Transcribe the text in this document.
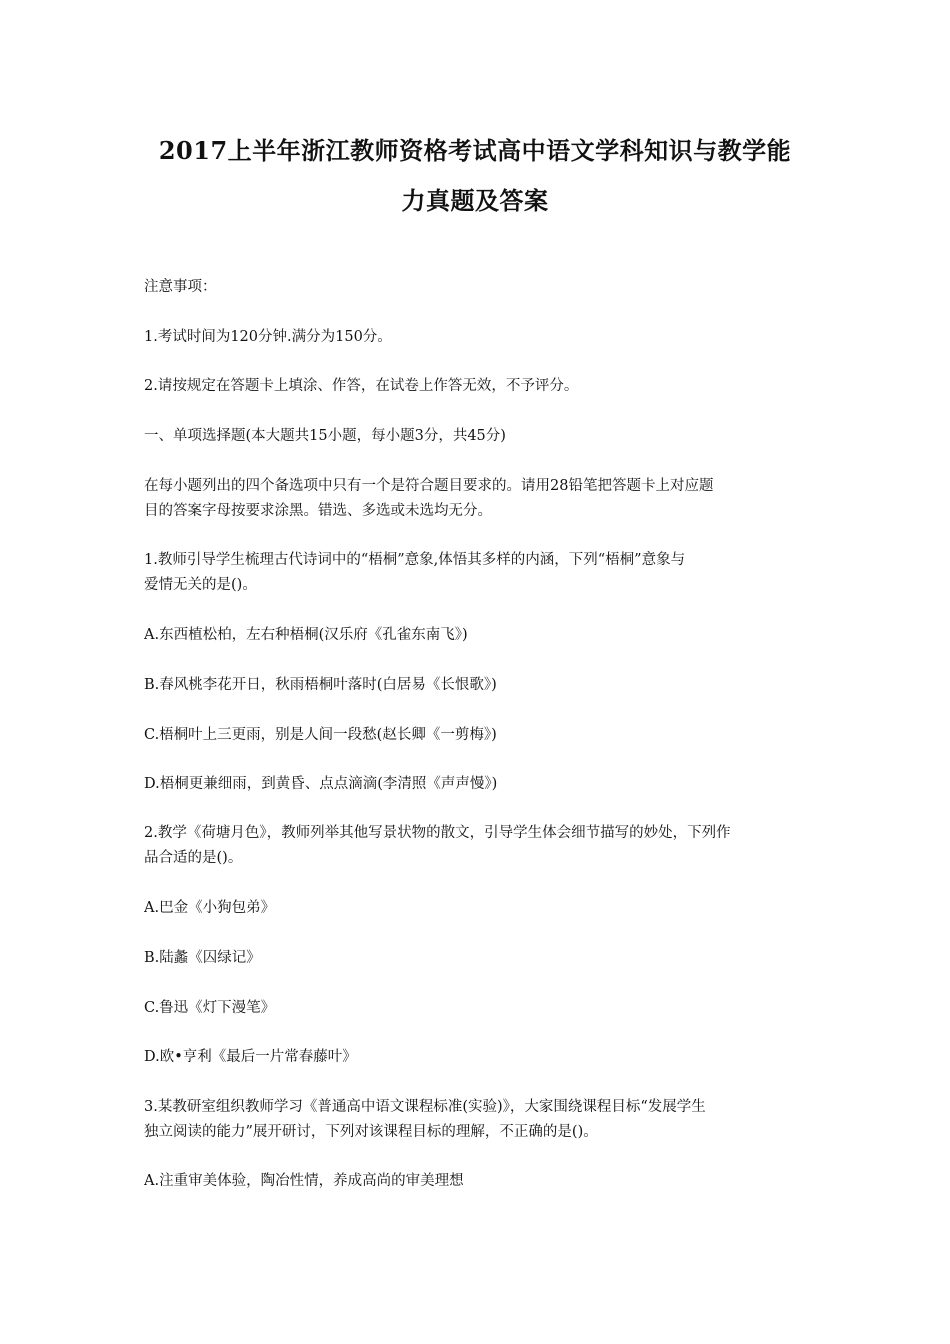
2017上半年浙江教师资格考试高中语文学科知识与教学能
力真题及答案
注意事项：
1.考试时间为120分钟.满分为150分。
2.请按规定在答题卡上填涂、作答，在试卷上作答无效，不予评分。
一、单项选择题(本大题共15小题，每小题3分，共45分)
在每小题列出的四个备选项中只有一个是符合题目要求的。请用28铅笔把答题卡上对应题
目的答案字母按要求涂黑。错选、多选或未选均无分。
1.教师引导学生梳理古代诗词中的“梧桐”意象,体悟其多样的内涵，下列“梧桐”意象与
爱情无关的是()。
A.东西植松柏，左右种梧桐(汉乐府《孔雀东南飞》)
B.春风桃李花开日，秋雨梧桐叶落时(白居易《长恨歌》)
C.梧桐叶上三更雨，别是人间一段愁(赵长卿《一剪梅》)
D.梧桐更兼细雨，到黄昏、点点滴滴(李清照《声声慢》)
2.教学《荷塘月色》，教师列举其他写景状物的散文，引导学生体会细节描写的妙处，下列作
品合适的是()。
A.巴金《小狗包弟》
B.陆蠡《囚绿记》
C.鲁迅《灯下漫笔》
D.欧•亨利《最后一片常春藤叶》
3.某教研室组织教师学习《普通高中语文课程标准(实验)》，大家围绕课程目标“发展学生
独立阅读的能力”展开研讨，下列对该课程目标的理解，不正确的是()。
A.注重审美体验，陶冶性情，养成高尚的审美理想
